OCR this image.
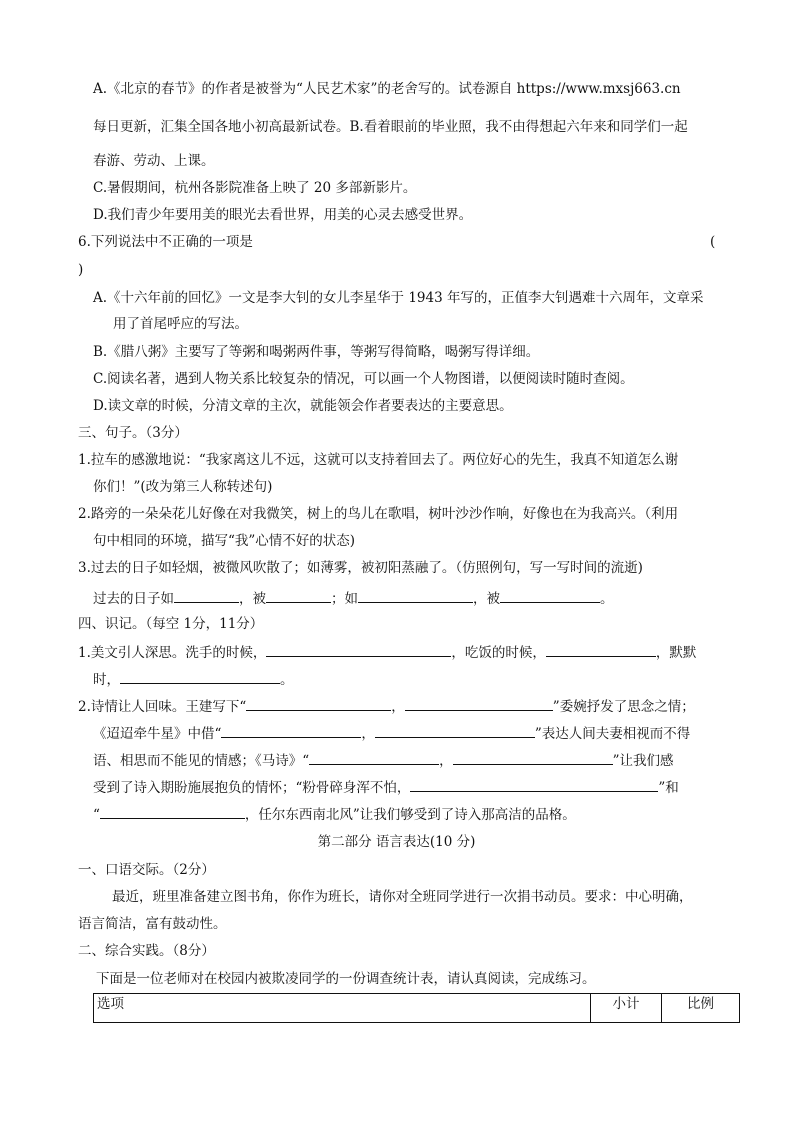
A.《北京的春节》的作者是被誉为“人民艺术家”的老舍写的。试卷源自 https://www.mxsj663.cn
每日更新，汇集全国各地小初高最新试卷。B.看着眼前的毕业照，我不由得想起六年来和同学们一起
春游、劳动、上课。
C.暑假期间，杭州各影院准备上映了 20 多部新影片。
D.我们青少年要用美的眼光去看世界，用美的心灵去感受世界。
6.下列说法中不正确的一项是	(
)
A.《十六年前的回忆》一文是李大钊的女儿李星华于 1943 年写的，正值李大钊遇难十六周年，文章采
用了首尾呼应的写法。
B.《腊八粥》主要写了等粥和喝粥两件事，等粥写得简略，喝粥写得详细。
C.阅读名著，遇到人物关系比较复杂的情况，可以画一个人物图谱，以便阅读时随时查阅。
D.读文章的时候，分清文章的主次，就能领会作者要表达的主要意思。
三、句子。（3分）
1.拉车的感激地说：“我家离这儿不远，这就可以支持着回去了。两位好心的先生，我真不知道怎么谢
你们！”(改为第三人称转述句)
2.路旁的一朵朵花儿好像在对我微笑，树上的鸟儿在歌唱，树叶沙沙作响，好像也在为我高兴。（利用
句中相同的环境，描写“我”心情不好的状态)
3.过去的日子如轻烟，被微风吹散了；如薄雾，被初阳蒸融了。（仿照例句，写一写时间的流逝)
过去的日子如	，被	；如	，被	。
四、识记。（每空 1分，11分）
1.美文引人深思。洗手的时候，	，吃饭的时候，	，默默
时，	。
2.诗情让人回味。王建写下“	，	”委婉抒发了思念之情；
《迢迢牵牛星》中借“	，	”表达人间夫妻相视而不得
语、相思而不能见的情感；《马诗》“	，	”让我们感
受到了诗入期盼施展抱负的情怀；“粉骨碎身浑不怕，	”和
“	，任尔东西南北风”让我们够受到了诗入那高洁的品格。
第二部分 语言表达(10 分)
一、口语交际。（2分）
最近，班里准备建立图书角，你作为班长，请你对全班同学进行一次捐书动员。要求：中心明确，
语言简洁，富有鼓动性。
二、综合实践。（8分）
下面是一位老师对在校园内被欺凌同学的一份调查统计表，请认真阅读，完成练习。
选项	小计	比例
